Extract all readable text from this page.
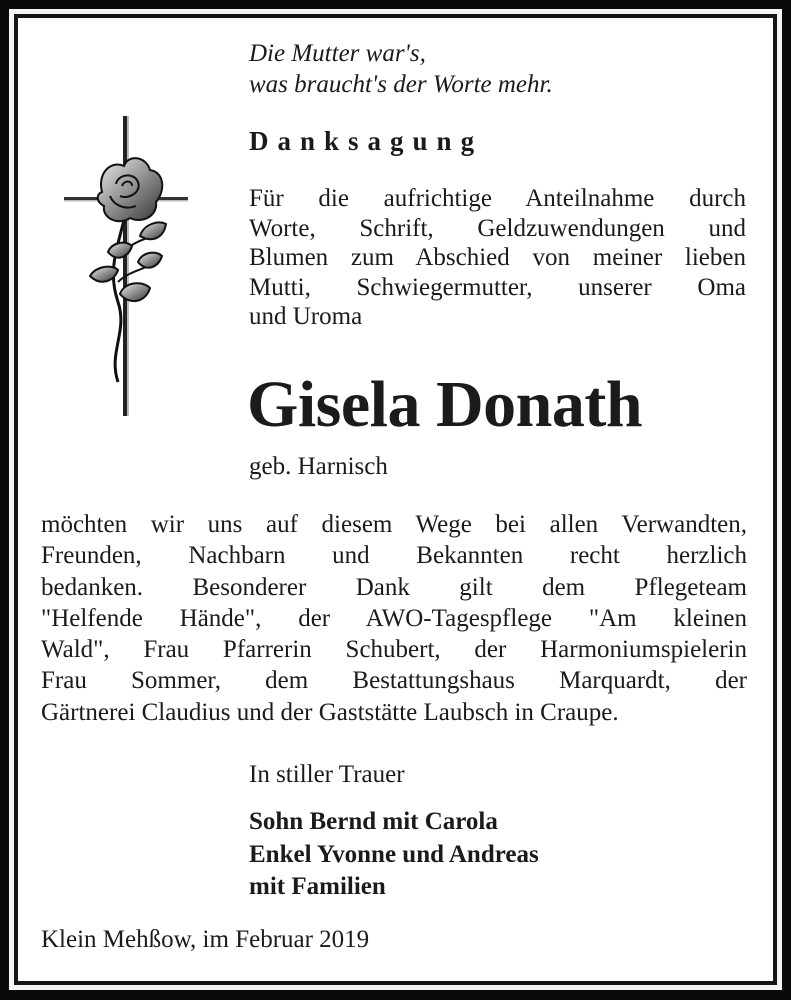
Die Mutter war's,
was braucht's der Worte mehr.
Danksagung
Für die aufrichtige Anteilnahme durch
Worte, Schrift, Geldzuwendungen und
Blumen zum Abschied von meiner lieben
Mutti, Schwiegermutter, unserer Oma
und Uroma
Gisela Donath
geb. Harnisch
möchten wir uns auf diesem Wege bei allen Verwandten,
Freunden, Nachbarn und Bekannten recht herzlich
bedanken. Besonderer Dank gilt dem Pflegeteam
"Helfende Hände", der AWO-Tagespflege "Am kleinen
Wald", Frau Pfarrerin Schubert, der Harmoniumspielerin
Frau Sommer, dem Bestattungshaus Marquardt, der
Gärtnerei Claudius und der Gaststätte Laubsch in Craupe.
In stiller Trauer
Sohn Bernd mit Carola
Enkel Yvonne und Andreas
mit Familien
Klein Mehßow, im Februar 2019
